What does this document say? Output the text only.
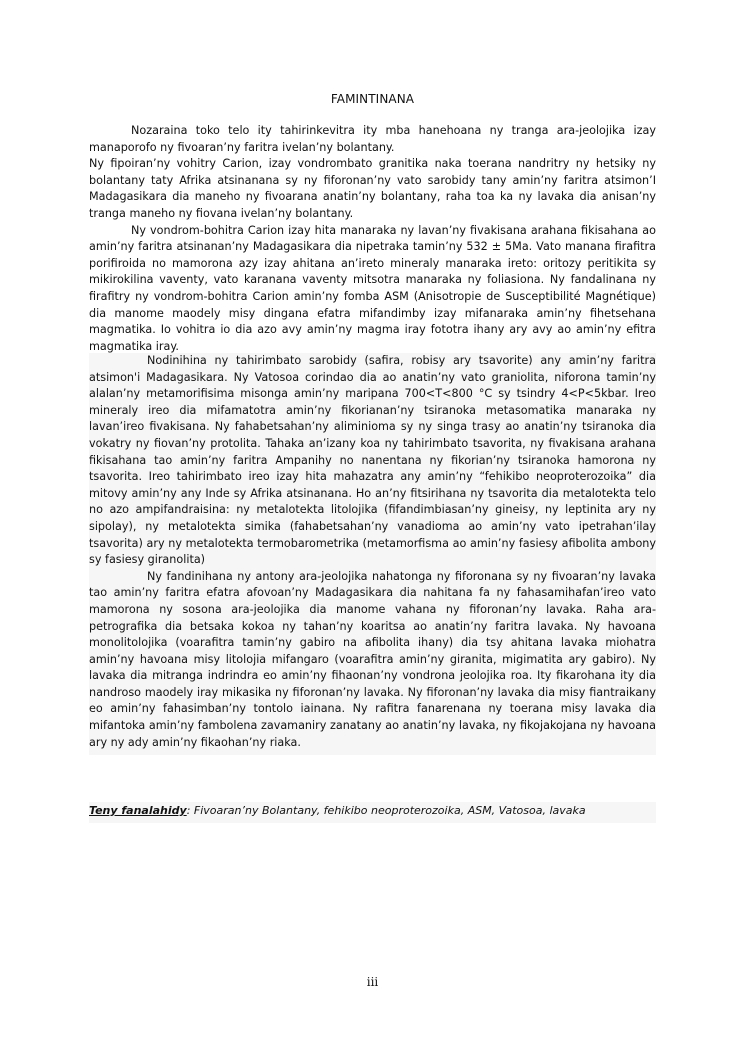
FAMINTINANA

Nozaraina toko telo ity tahirinkevitra ity mba hanehoana ny tranga ara-jeolojika izay manaporofo ny fivoaran’ny faritra ivelan’ny bolantany.

Ny fipoiran’ny vohitry Carion, izay vondrombato granitika naka toerana nandritry ny hetsiky ny bolantany taty Afrika atsinanana sy ny fiforonan’ny vato sarobidy tany amin’ny faritra atsimon’I Madagasikara dia maneho ny fivoarana anatin’ny bolantany, raha toa ka ny lavaka dia anisan’ny tranga maneho ny fiovana ivelan’ny bolantany.

Ny vondrom-bohitra Carion izay hita manaraka ny lavan’ny fivakisana arahana fikisahana ao amin’ny faritra atsinanan’ny Madagasikara dia nipetraka tamin’ny 532 ± 5Ma. Vato manana firafitra porifiroida no mamorona azy izay ahitana an’ireto mineraly manaraka ireto: oritozy peritikita sy mikirokilina vaventy, vato karanana vaventy mitsotra manaraka ny foliasiona. Ny fandalinana ny firafitry ny vondrom-bohitra Carion amin’ny fomba ASM (Anisotropie de Susceptibilité Magnétique) dia manome maodely misy dingana efatra mifandimby izay mifanaraka amin’ny fihetsehana magmatika. Io vohitra io dia azo avy amin’ny magma iray fototra ihany ary avy ao amin’ny efitra magmatika iray.

Nodinihina ny tahirimbato sarobidy (safira, robisy ary tsavorite) any amin’ny faritra atsimon'i Madagasikara. Ny Vatosoa corindao dia ao anatin’ny vato graniolita, niforona tamin’ny alalan’ny metamorifisima misonga amin’ny maripana 700<T<800 °C sy tsindry 4<P<5kbar. Ireo mineraly ireo dia mifamatotra amin’ny fikorianan’ny tsiranoka metasomatika manaraka ny lavan’ireo fivakisana. Ny fahabetsahan’ny aliminioma sy ny singa trasy ao anatin’ny tsiranoka dia vokatry ny fiovan’ny protolita. Tahaka an’izany koa ny tahirimbato tsavorita, ny fivakisana arahana fikisahana tao amin’ny faritra Ampanihy no nanentana ny fikorian’ny tsiranoka hamorona ny tsavorita. Ireo tahirimbato ireo izay hita mahazatra any amin’ny “fehikibo neoproterozoika” dia mitovy amin’ny any Inde sy Afrika atsinanana. Ho an’ny fitsirihana ny tsavorita dia metalotekta telo no azo ampifandraisina: ny metalotekta litolojika (fifandimbiasan’ny gineisy, ny leptinita ary ny sipolay), ny metalotekta simika (fahabetsahan’ny vanadioma ao amin’ny vato ipetrahan’ilay tsavorita) ary ny metalotekta termobarometrika (metamorfisma ao amin’ny fasiesy afibolita ambony sy fasiesy giranolita)

Ny fandinihana ny antony ara-jeolojika nahatonga ny fiforonana sy ny fivoaran’ny lavaka tao amin’ny faritra efatra afovoan’ny Madagasikara dia nahitana fa ny fahasamihafan’ireo vato mamorona ny sosona ara-jeolojika dia manome vahana ny fiforonan’ny lavaka. Raha ara-petrografika dia betsaka kokoa ny tahan’ny koaritsa ao anatin’ny faritra lavaka. Ny havoana monolitolojika (voarafitra tamin’ny gabiro na afibolita ihany) dia tsy ahitana lavaka miohatra amin’ny havoana misy litolojia mifangaro (voarafitra amin’ny giranita, migimatita ary gabiro). Ny lavaka dia mitranga indrindra eo amin’ny fihaonan’ny vondrona jeolojika roa. Ity fikarohana ity dia nandroso maodely iray mikasika ny fiforonan’ny lavaka. Ny fiforonan’ny lavaka dia misy fiantraikany eo amin’ny fahasimban’ny tontolo iainana. Ny rafitra fanarenana ny toerana misy lavaka dia mifantoka amin’ny fambolena zavamaniry zanatany ao anatin’ny lavaka, ny fikojakojana ny havoana ary ny ady amin’ny fikaohan’ny riaka.

Teny fanalahidy: Fivoaran’ny Bolantany, fehikibo neoproterozoika, ASM, Vatosoa, lavaka
iii
